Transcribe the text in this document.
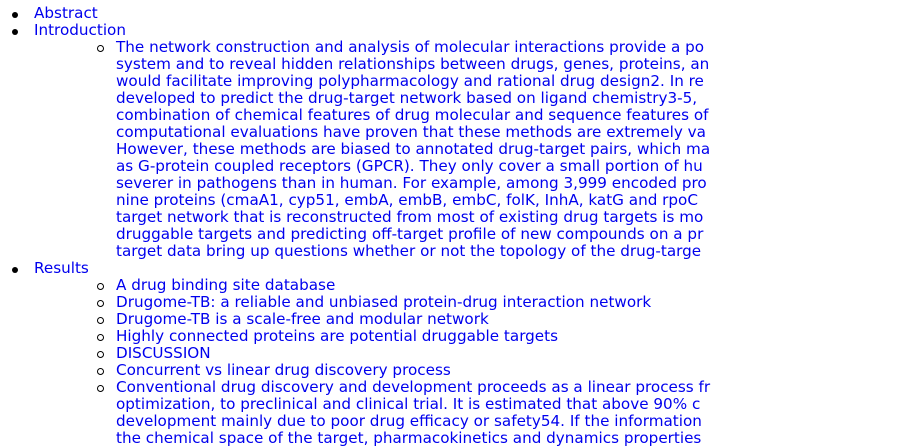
Abstract
Introduction
The network construction and analysis of molecular interactions provide a po
system and to reveal hidden relationships between drugs, genes, proteins, an
would facilitate improving polypharmacology and rational drug design2. In re
developed to predict the drug-target network based on ligand chemistry3-5,
combination of chemical features of drug molecular and sequence features of
computational evaluations have proven that these methods are extremely va
However, these methods are biased to annotated drug-target pairs, which ma
as G-protein coupled receptors (GPCR). They only cover a small portion of hu
severer in pathogens than in human. For example, among 3,999 encoded pro
nine proteins (cmaA1, cyp51, embA, embB, embC, folK, InhA, katG and rpoC
target network that is reconstructed from most of existing drug targets is mo
druggable targets and predicting off-target profile of new compounds on a pr
target data bring up questions whether or not the topology of the drug-targe
Results
A drug binding site database
Drugome-TB: a reliable and unbiased protein-drug interaction network
Drugome-TB is a scale-free and modular network
Highly connected proteins are potential druggable targets
DISCUSSION
Concurrent vs linear drug discovery process
Conventional drug discovery and development proceeds as a linear process fr
optimization, to preclinical and clinical trial. It is estimated that above 90% c
development mainly due to poor drug efficacy or safety54. If the information
the chemical space of the target, pharmacokinetics and dynamics properties
